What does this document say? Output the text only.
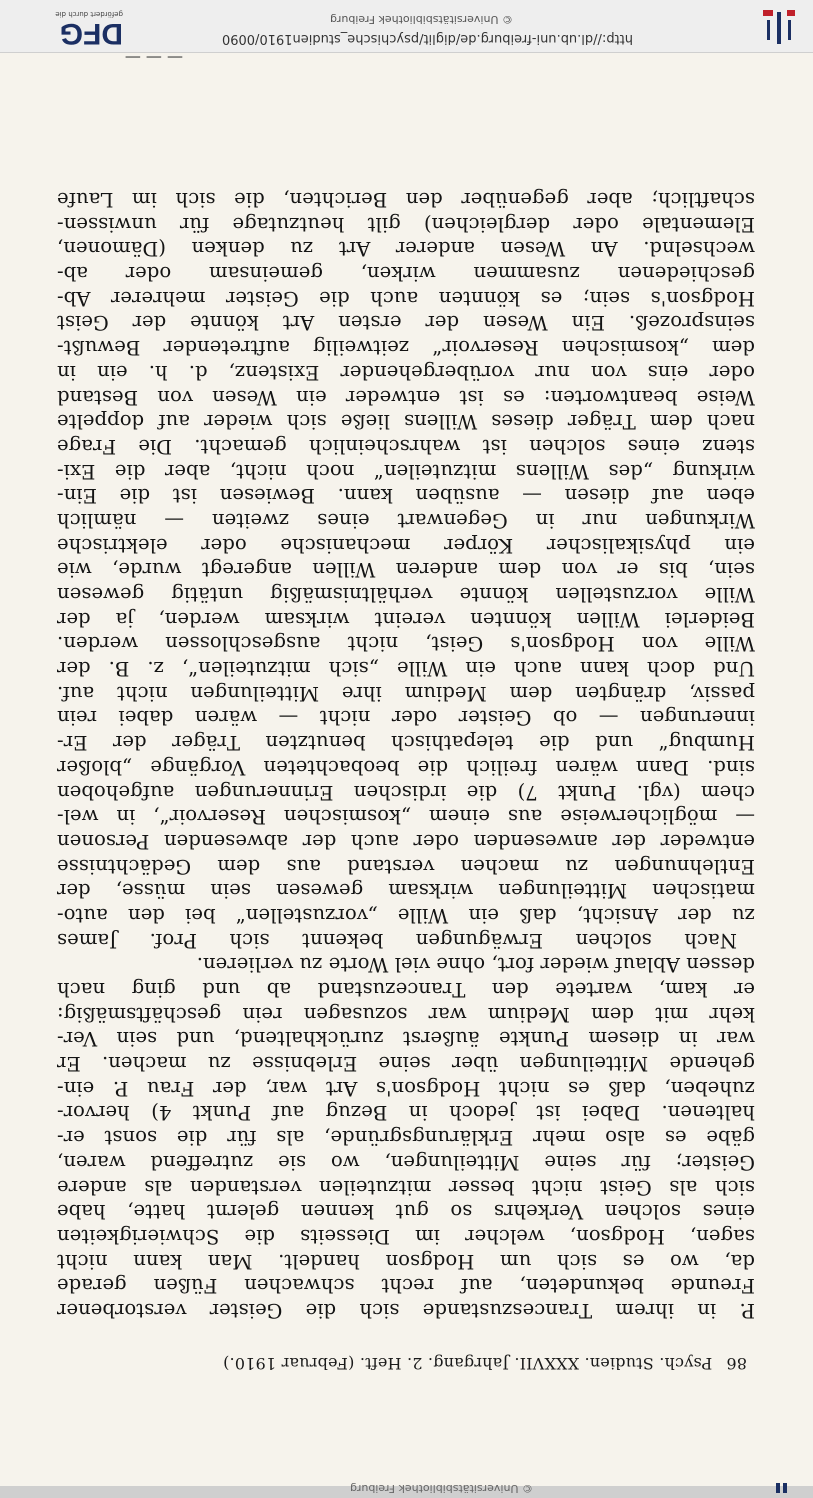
http://dl.ub.uni-freiburg.de/diglit/psychische_studien1910/0090
© Universitätsbibliothek Freiburg
DFG
gefördert durch die
© Universitätsbibliothek Freiburg
86
Psych. Studien. XXXVII. Jahrgang. 2. Heft. (Februar 1910.)
P. in ihrem Tranceszustande sich die Geister verstorbener
Freunde bekundeten, auf recht schwachen Füßen gerade
da, wo es sich um Hodgson handelt. Man kann nicht
sagen, Hodgson, welcher im Diesseits die Schwierigkeiten
eines solchen Verkehrs so gut kennen gelernt hatte, habe
sich als Geist nicht besser mitzuteilen verstanden als andere
Geister; für seine Mitteilungen, wo sie zutreffend waren,
gäbe es also mehr Erklärungsgründe, als für die sonst er-
haltenen. Dabei ist jedoch in Bezug auf Punkt 4) hervor-
zuheben, daß es nicht Hodgson's Art war, der Frau P. ein-
gehende Mitteilungen über seine Erlebnisse zu machen. Er
war in diesem Punkte äußerst zurückhaltend, und sein Ver-
kehr mit dem Medium war sozusagen rein geschäftsmäßig:
er kam, wartete den Trancezustand ab und ging nach
dessen Ablauf wieder fort, ohne viel Worte zu verlieren.
Nach solchen Erwägungen bekennt sich Prof. James
zu der Ansicht, daß ein Wille „vorzustellen“ bei den auto-
matischen Mitteilungen wirksam gewesen sein müsse, der
Entlehnungen zu machen verstand aus dem Gedächtnisse
entweder der anwesenden oder auch der abwesenden Personen
— möglicherweise aus einem „kosmischen Reservoir“, in wel-
chem (vgl. Punkt 7) die irdischen Erinnerungen aufgehoben
sind. Dann wären freilich die beobachteten Vorgänge „bloßer
Humbug“ und die telepathisch benutzten Träger der Er-
innerungen — ob Geister oder nicht — wären dabei rein
passiv, drängten dem Medium ihre Mitteilungen nicht auf.
Und doch kann auch ein Wille „sich mitzuteilen“, z. B. der
Wille von Hodgson's Geist, nicht ausgeschlossen werden.
Beiderlei Willen könnten vereint wirksam werden, ja der
Wille vorzustellen könnte verhältnismäßig untätig gewesen
sein, bis er von dem anderen Willen angeregt wurde, wie
ein physikalischer Körper mechanische oder elektrische
Wirkungen nur in Gegenwart eines zweiten — nämlich
eben auf diesen — ausüben kann. Bewiesen ist die Ein-
wirkung „des Willens mitzuteilen“ noch nicht, aber die Exi-
stenz eines solchen ist wahrscheinlich gemacht. Die Frage
nach dem Träger dieses Willens ließe sich wieder auf doppelte
Weise beantworten: es ist entweder ein Wesen von Bestand
oder eins von nur vorübergehender Existenz, d. h. ein in
dem „kosmischen Reservoir“ zeitweilig auftretender Bewußt-
seinsprozeß. Ein Wesen der ersten Art könnte der Geist
Hodgson's sein; es könnten auch die Geister mehrerer Ab-
geschiedenen zusammen wirken, gemeinsam oder ab-
wechselnd. An Wesen anderer Art zu denken (Dämonen,
Elementale oder dergleichen) gilt heutzutage für unwissen-
schaftlich; aber gegenüber den Berichten, die sich im Laufe
— — —
